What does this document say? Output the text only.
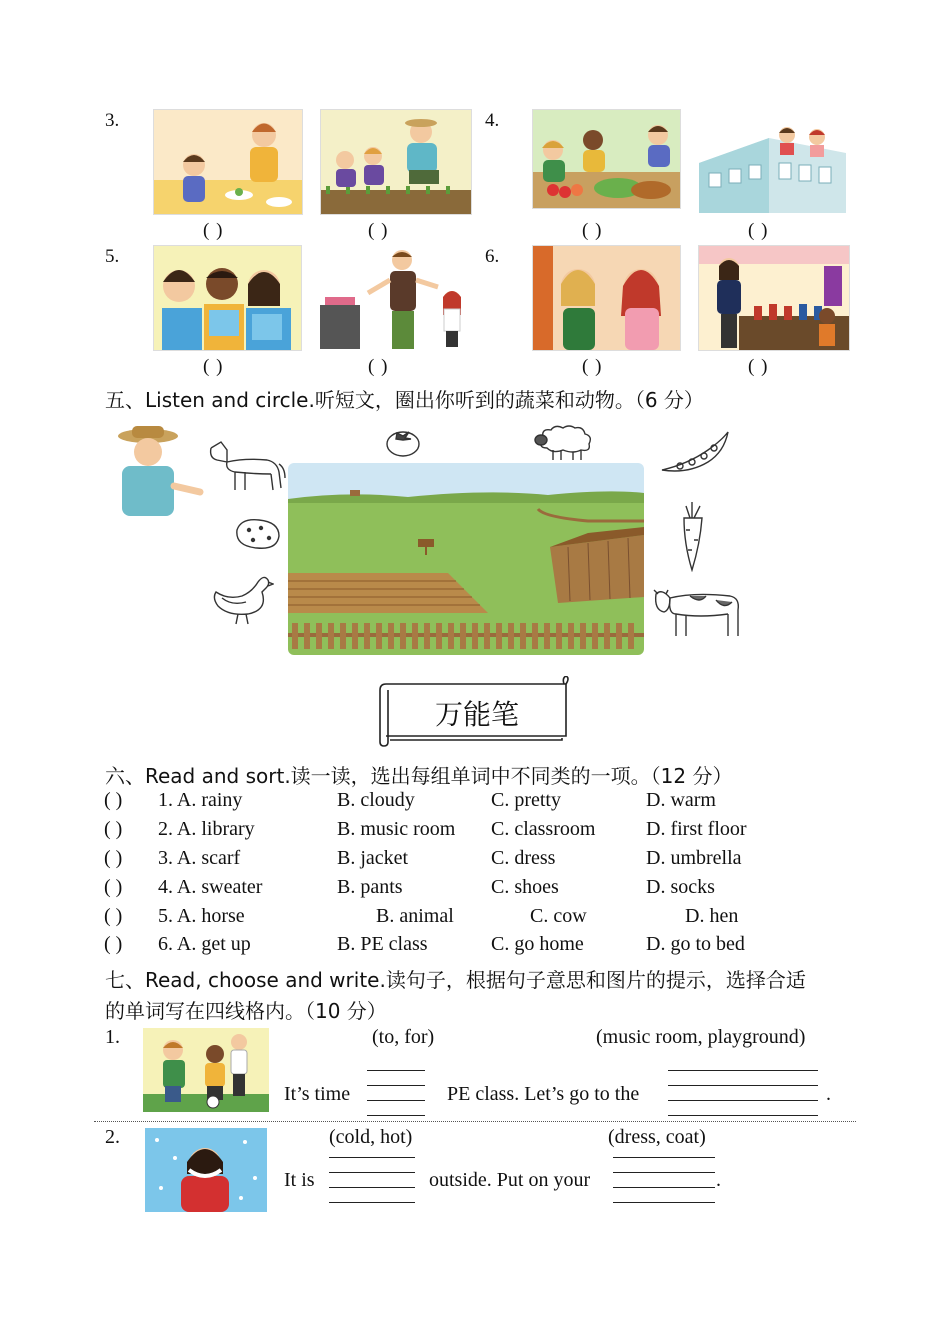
3.	4.
5.	6.
( )	( )	( )	( )
( )	( )	( )	( )
五、Listen and circle.听短文，圈出你听到的蔬菜和动物。（6 分）
万能笔
六、Read and sort.读一读，选出每组单词中不同类的一项。（12 分）
( ) 1. A. rainy	B. cloudy	C. pretty	D. warm
( ) 2. A. library	B. music room C. classroom	D. first floor
( ) 3. A. scarf	B. jacket	C. dress	D. umbrella
( ) 4. A. sweater	B. pants	C. shoes	D. socks
( ) 5. A. horse	B. animal	C. cow	D. hen
( ) 6. A. get up	B. PE class	C. go home	D. go to bed
七、Read, choose and write.读句子，根据句子意思和图片的提示，选择合适
的单词写在四线格内。（10 分）
1.	(to, for)	(music room, playground)
It’s time	PE class. Let’s go to the	.
2.	(cold, hot)	(dress, coat)
It is	outside. Put on your	.
